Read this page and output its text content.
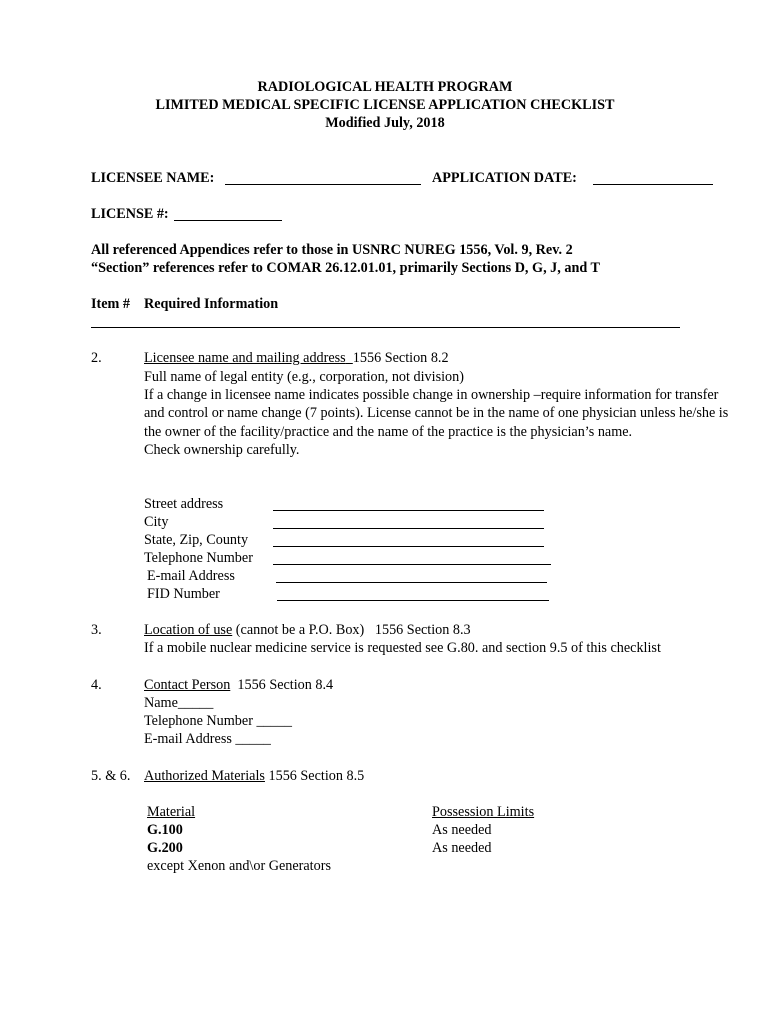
RADIOLOGICAL HEALTH PROGRAM
LIMITED MEDICAL SPECIFIC LICENSE APPLICATION CHECKLIST
Modified July, 2018
LICENSEE NAME:	APPLICATION DATE:
LICENSE #:
All referenced Appendices refer to those in USNRC NUREG 1556, Vol. 9, Rev. 2
“Section” references refer to COMAR 26.12.01.01, primarily Sections D, G, J, and T
Item # Required Information
2.	Licensee name and mailing address 1556 Section 8.2
Full name of legal entity (e.g., corporation, not division)
If a change in licensee name indicates possible change in ownership –require information for transfer and control or name change (7 points). License cannot be in the name of one physician unless he/she is the owner of the facility/practice and the name of the practice is the physician’s name.
Check ownership carefully.
Street address
City
State, Zip, County
Telephone Number
E-mail Address
FID Number
3.	Location of use (cannot be a P.O. Box)   1556 Section 8.3
If a mobile nuclear medicine service is requested see G.80. and section 9.5 of this checklist
4.	Contact Person 1556 Section 8.4
Name_____
Telephone Number _____
E-mail Address _____
5. & 6. Authorized Materials 1556 Section 8.5
Material	Possession Limits
G.100	As needed
G.200	As needed
except Xenon and\or Generators
